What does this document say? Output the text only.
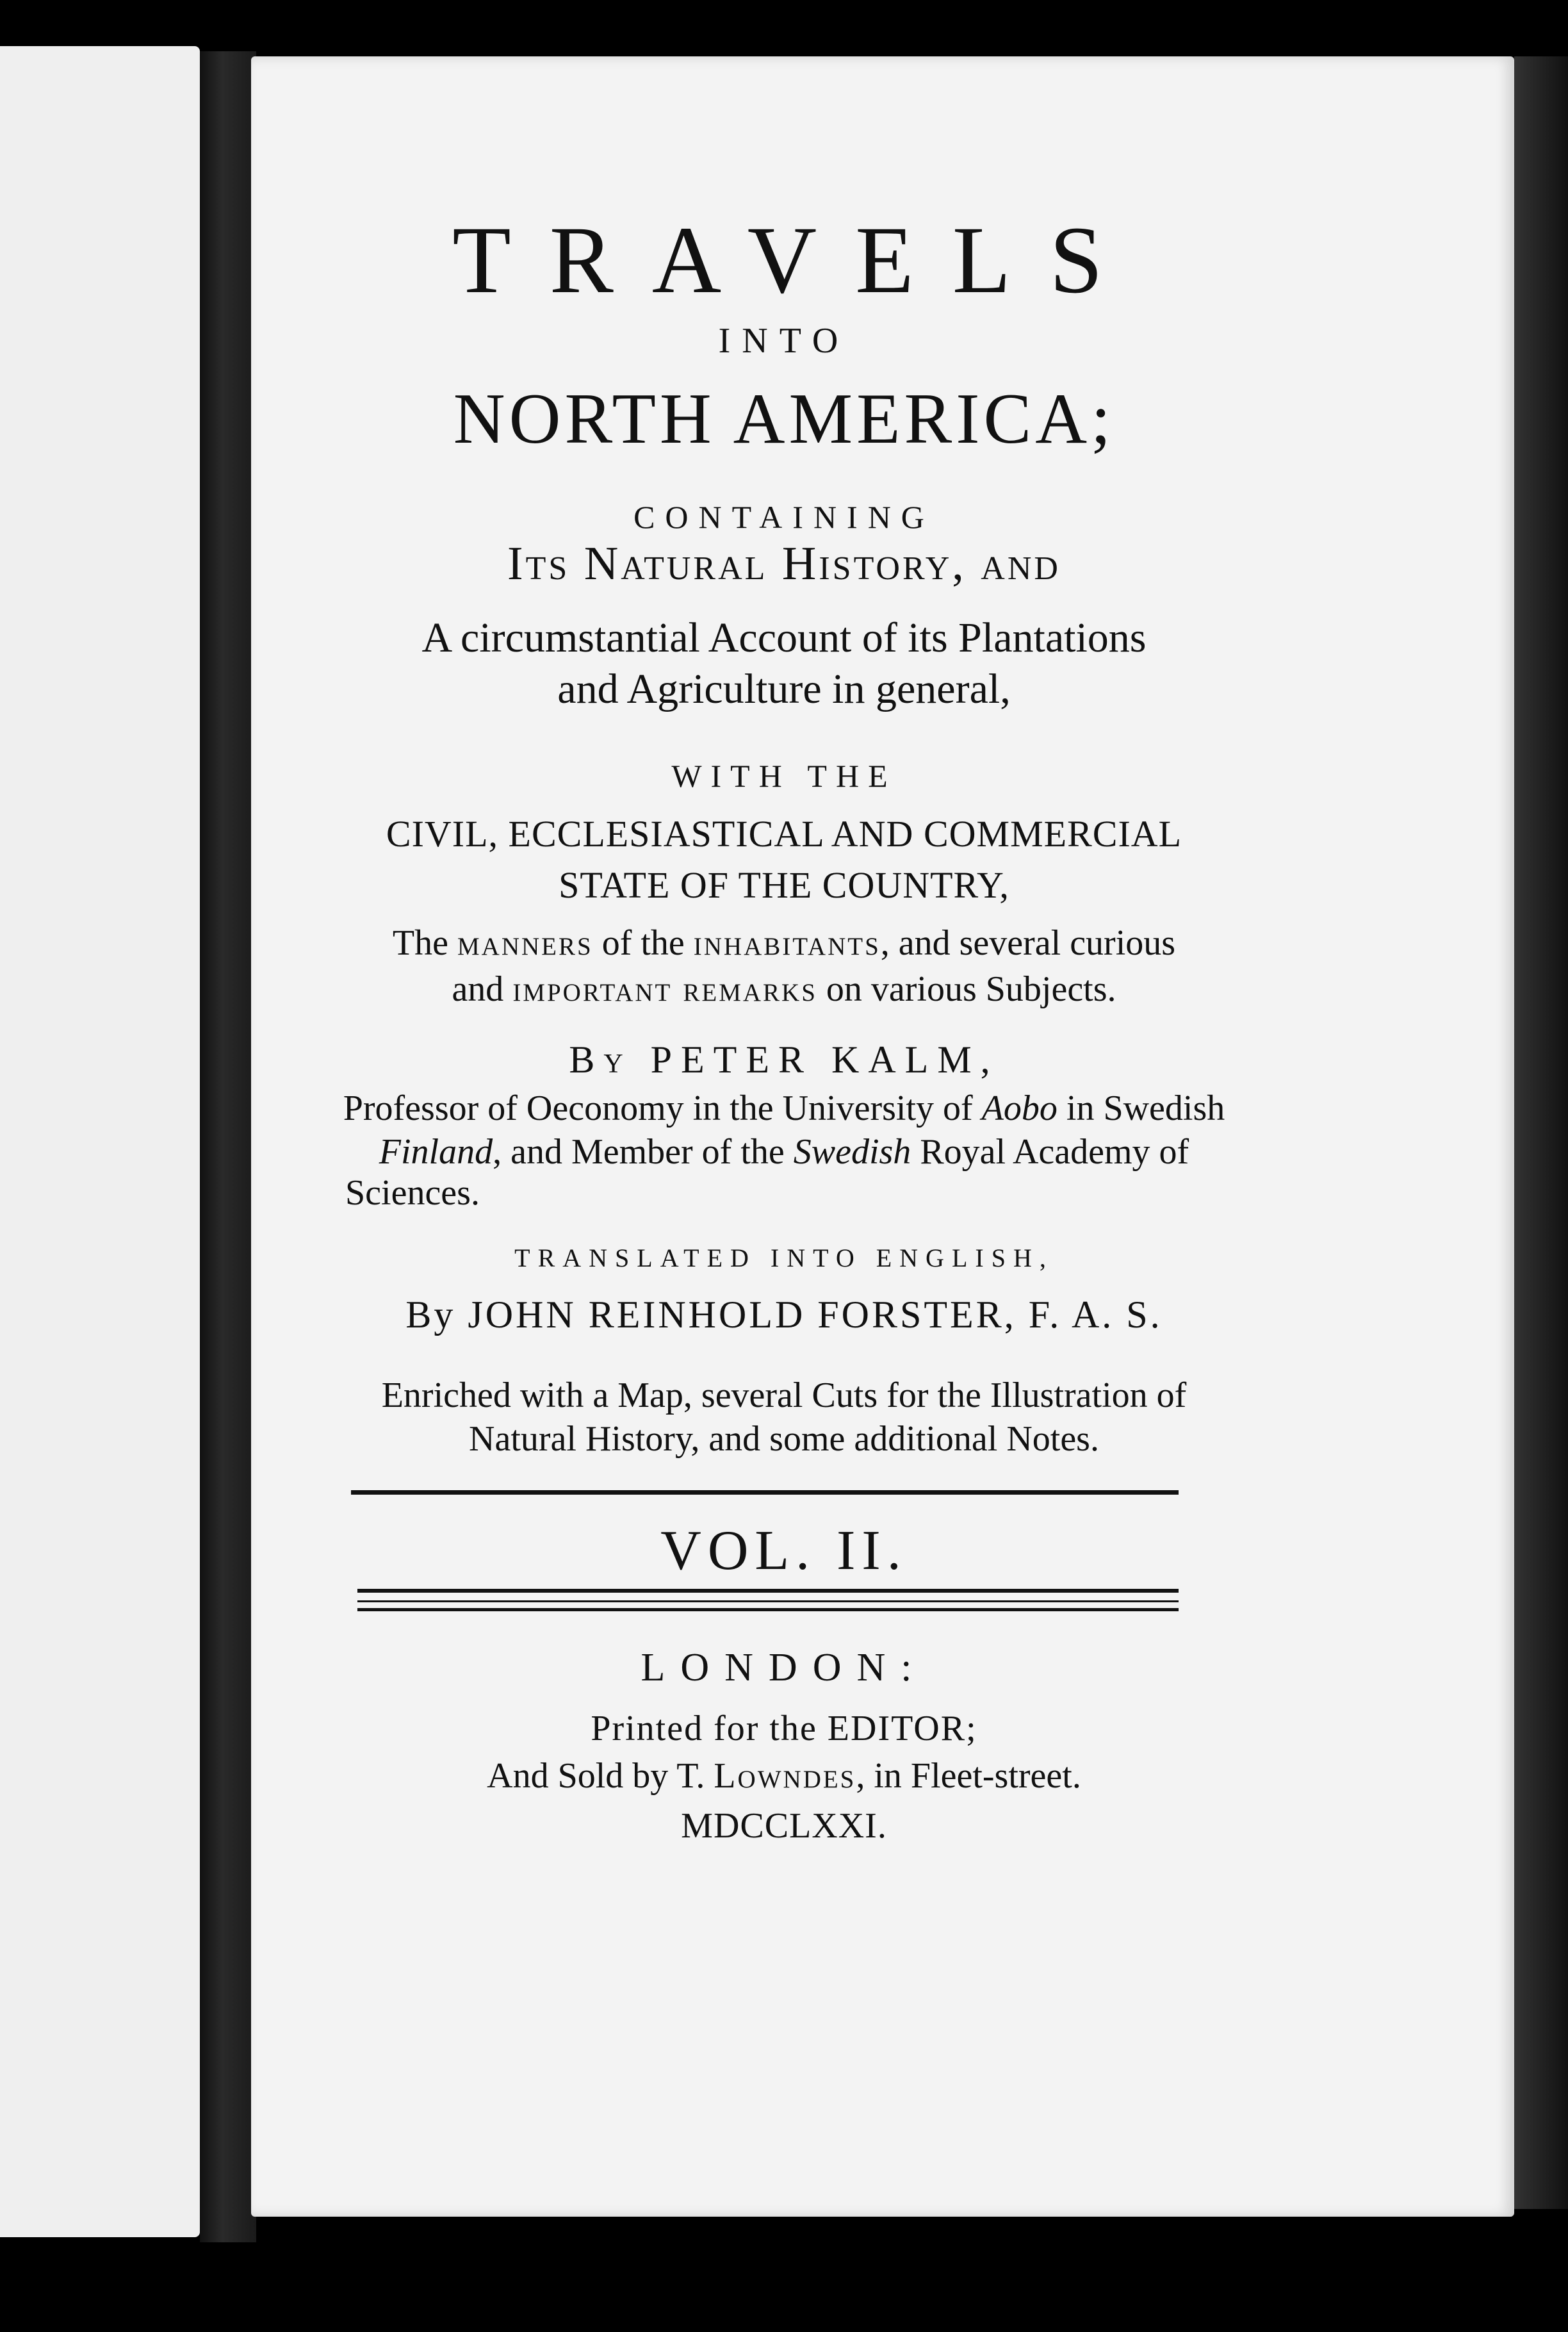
TRAVELS
INTO
NORTH AMERICA;
CONTAINING
Its Natural History, and
A circumstantial Account of its Plantations
and Agriculture in general,
WITH THE
CIVIL, ECCLESIASTICAL AND COMMERCIAL
STATE OF THE COUNTRY,
The manners of the inhabitants, and several curious
and important remarks on various Subjects.
By PETER KALM,
Professor of Oeconomy in the University of Aobo in Swedish
Finland, and Member of the Swedish Royal Academy of
Sciences.
TRANSLATED INTO ENGLISH,
By JOHN REINHOLD FORSTER, F. A. S.
Enriched with a Map, several Cuts for the Illustration of
Natural History, and some additional Notes.
VOL. II.
LONDON:
Printed for the EDITOR;
And Sold by T. Lowndes, in Fleet-street.
MDCCLXXI.
